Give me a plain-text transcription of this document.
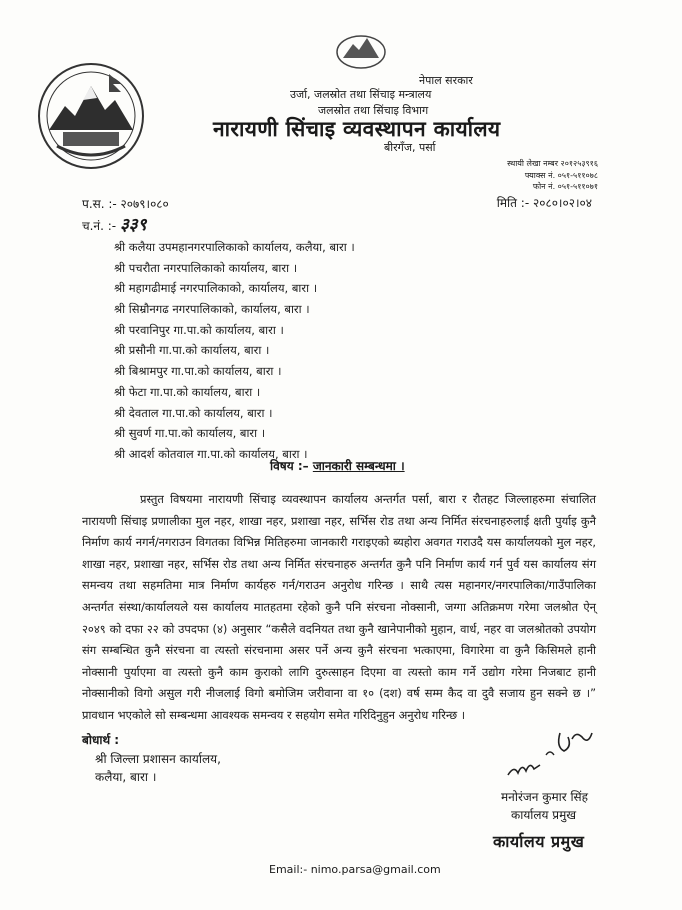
नेपाल सरकार
उर्जा, जलस्रोत तथा सिंचाइ मन्त्रालय
जलस्रोत तथा सिंचाइ विभाग
नारायणी सिंचाइ व्यवस्थापन कार्यालय
बीरगँज, पर्सा
स्थायी लेखा नम्बर २०१२५३९१६
फ्याक्स नं. ०५१-५११०७८
फोन नं. ०५१-५११०७१
मिति :- २०८०।०२।०४
प.स. :- २०७९।०८०
च.नं. :- ३३९
श्री कलैया उपमहानगरपालिकाको कार्यालय, कलैया, बारा ।
श्री पचरौता नगरपालिकाको कार्यालय, बारा ।
श्री महागढीमाई नगरपालिकाको, कार्यालय, बारा ।
श्री सिम्रौनगढ नगरपालिकाको, कार्यालय, बारा ।
श्री परवानिपुर गा.पा.को कार्यालय, बारा ।
श्री प्रसौनी गा.पा.को कार्यालय, बारा ।
श्री बिश्रामपुर गा.पा.को कार्यालय, बारा ।
श्री फेटा गा.पा.को कार्यालय, बारा ।
श्री देवताल गा.पा.को कार्यालय, बारा ।
श्री सुवर्ण गा.पा.को कार्यालय, बारा ।
श्री आदर्श कोतवाल गा.पा.को कार्यालय, बारा ।
विषय :– जानकारी सम्बन्धमा ।

प्रस्तुत विषयमा नारायणी सिंचाइ व्यवस्थापन कार्यालय अन्तर्गत पर्सा, बारा र रौतहट जिल्लाहरुमा संचालित नारायणी सिंचाइ प्रणालीका मुल नहर, शाखा नहर, प्रशाखा नहर, सर्भिस रोड तथा अन्य निर्मित संरचनाहरुलाई क्षती पुर्याइ कुनै निर्माण कार्य नगर्न/नगराउन विगतका विभिन्न मितिहरुमा जानकारी गराइएको ब्यहोरा अवगत गराउदै यस कार्यालयको मुल नहर, शाखा नहर, प्रशाखा नहर, सर्भिस रोड तथा अन्य निर्मित संरचनाहरु अन्तर्गत कुनै पनि निर्माण कार्य गर्न पुर्व यस कार्यालय संग समन्वय तथा सहमतिमा मात्र निर्माण कार्यहरु गर्न/गराउन अनुरोध गरिन्छ । साथै त्यस महानगर/नगरपालिका/गाउँपालिका अन्तर्गत संस्था/कार्यालयले यस कार्यालय मातहतमा रहेको कुनै पनि संरचना नोक्सानी, जग्गा अतिक्रमण गरेमा जलश्रोत ऐन् २०४९ को दफा २२ को उपदफा (४) अनुसार “कसैले वदनियत तथा कुनै खानेपानीको मुहान, वार्ध, नहर वा जलश्रोतको उपयोग संग सम्बन्धित कुनै संरचना वा त्यस्तो संरचनामा असर पर्ने अन्य कुनै संरचना भत्काएमा, विगारेमा वा कुनै किसिमले हानी नोक्सानी पुर्याएमा वा त्यस्तो कुनै काम कुराको लागि दुरुत्साहन दिएमा वा त्यस्तो काम गर्ने उद्योग गरेमा निजबाट हानी नोक्सानीको विगो असुल गरी नीजलाई विगो बमोजिम जरीवाना वा १० (दश) वर्ष सम्म कैद वा दुवै सजाय हुन सक्ने छ ।” प्रावधान भएकोले सो सम्बन्धमा आवश्यक समन्वय र सहयोग समेत गरिदिनुहुन अनुरोध गरिन्छ ।

बोधार्थ :
श्री जिल्ला प्रशासन कार्यालय,
कलैया, बारा ।
मनोरंजन कुमार सिंह
कार्यालय प्रमुख
कार्यालय प्रमुख
Email:- nimo.parsa@gmail.com
